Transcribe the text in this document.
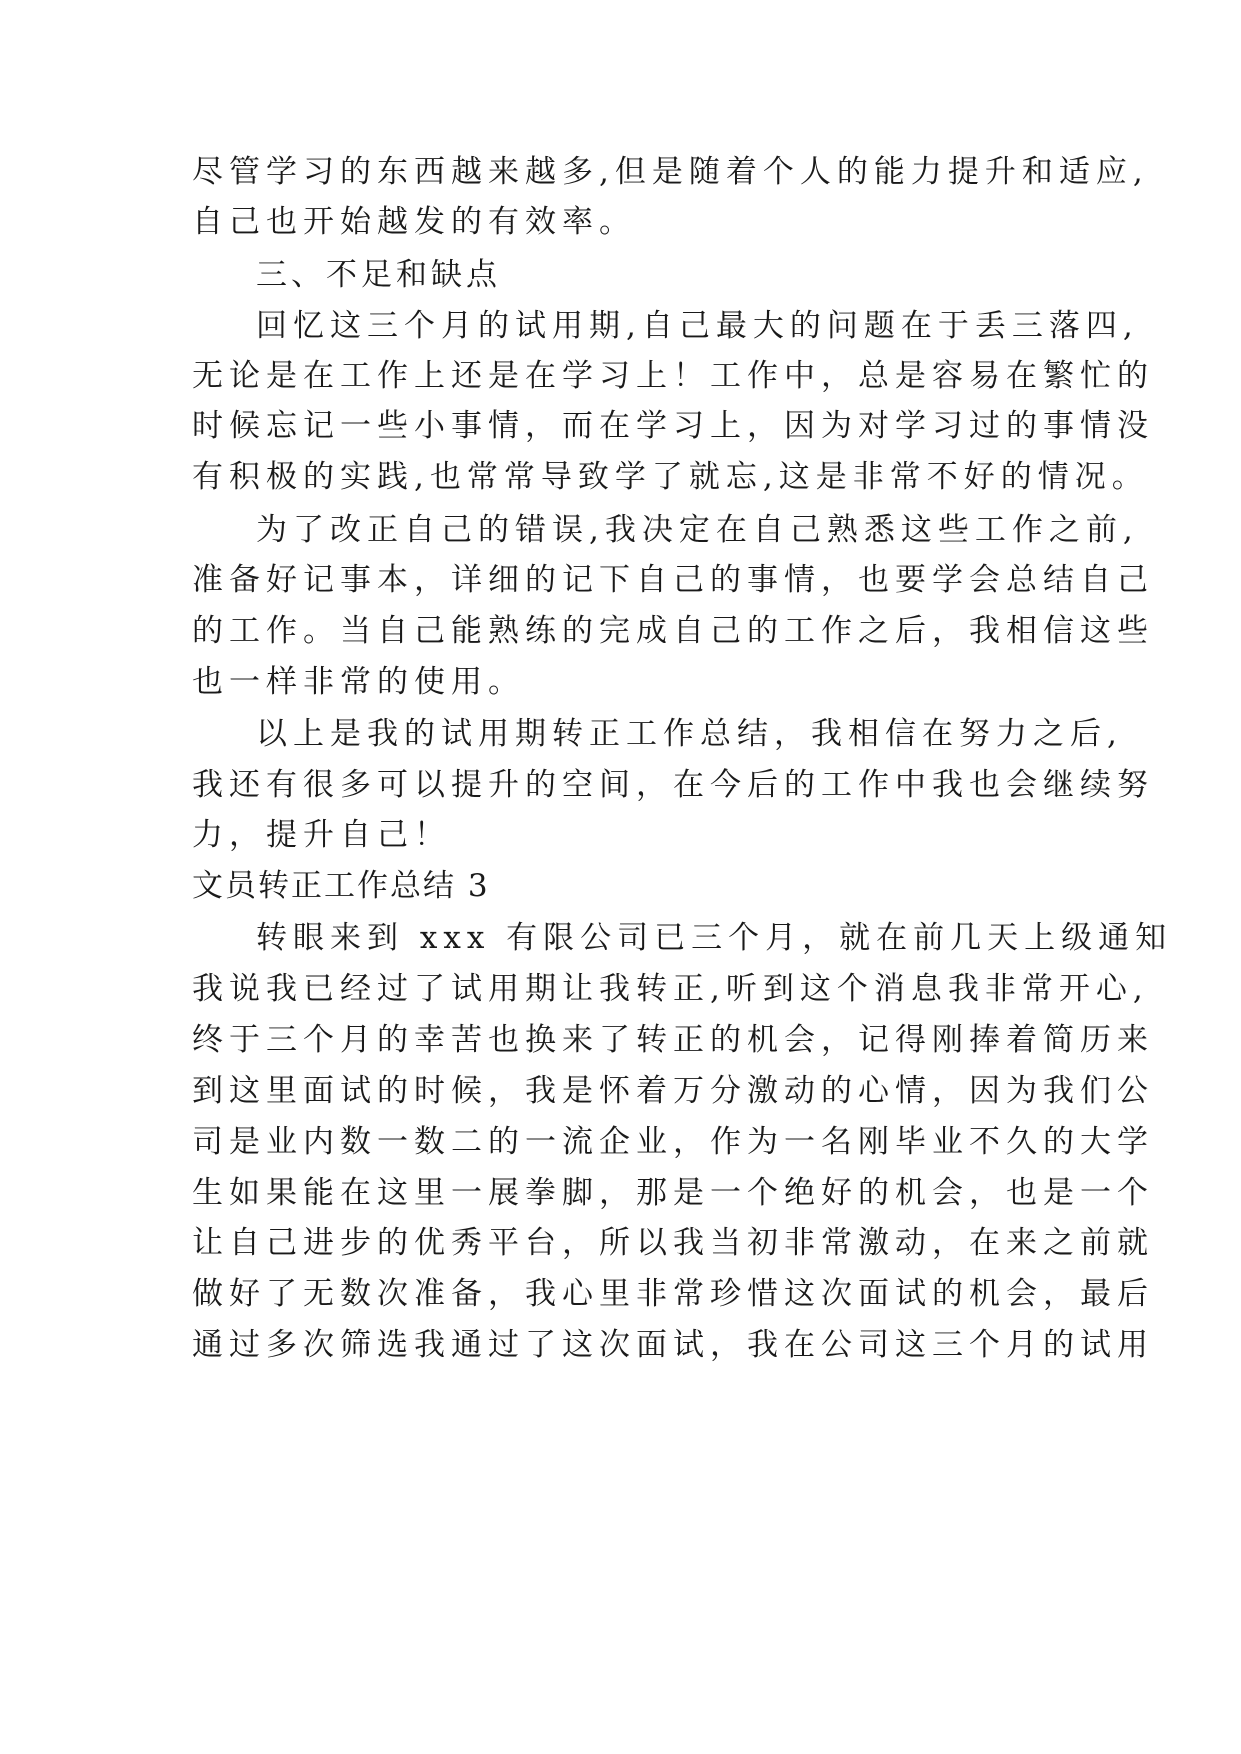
尽管学习的东西越来越多,但是随着个人的能力提升和适应,
自己也开始越发的有效率。
三、不足和缺点
回忆这三个月的试用期,自己最大的问题在于丢三落四,
无论是在工作上还是在学习上！工作中，总是容易在繁忙的
时候忘记一些小事情，而在学习上，因为对学习过的事情没
有积极的实践,也常常导致学了就忘,这是非常不好的情况。
为了改正自己的错误,我决定在自己熟悉这些工作之前,
准备好记事本，详细的记下自己的事情，也要学会总结自己
的工作。当自己能熟练的完成自己的工作之后，我相信这些
也一样非常的使用。
以上是我的试用期转正工作总结，我相信在努力之后,
我还有很多可以提升的空间，在今后的工作中我也会继续努
力，提升自己！
文员转正工作总结 3
转眼来到 xxx 有限公司已三个月，就在前几天上级通知
我说我已经过了试用期让我转正,听到这个消息我非常开心,
终于三个月的幸苦也换来了转正的机会，记得刚捧着简历来
到这里面试的时候，我是怀着万分激动的心情，因为我们公
司是业内数一数二的一流企业，作为一名刚毕业不久的大学
生如果能在这里一展拳脚，那是一个绝好的机会，也是一个
让自己进步的优秀平台，所以我当初非常激动，在来之前就
做好了无数次准备，我心里非常珍惜这次面试的机会，最后
通过多次筛选我通过了这次面试，我在公司这三个月的试用
